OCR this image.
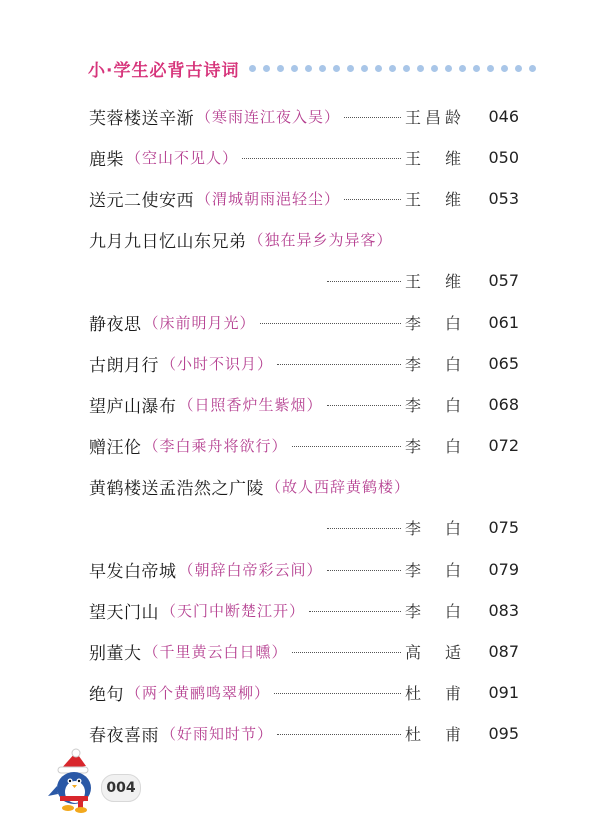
小·学生必背古诗词
芙蓉楼送辛渐 （寒雨连江夜入吴）	王 昌 龄	046
鹿柴 （空山不见人）	王 维	050
送元二使安西 （渭城朝雨浥轻尘）	王 维	053
九月九日忆山东兄弟 （独在异乡为异客）
王 维	057
静夜思 （床前明月光）	李 白	061
古朗月行 （小时不识月）	李 白	065
望庐山瀑布 （日照香炉生紫烟）	李 白	068
赠汪伦 （李白乘舟将欲行）	李 白	072
黄鹤楼送孟浩然之广陵 （故人西辞黄鹤楼）
李 白	075
早发白帝城 （朝辞白帝彩云间）	李 白	079
望天门山 （天门中断楚江开）	李 白	083
别董大 （千里黄云白日曛）	高 适	087
绝句 （两个黄鹂鸣翠柳）	杜 甫	091
春夜喜雨 （好雨知时节）	杜 甫	095
004
